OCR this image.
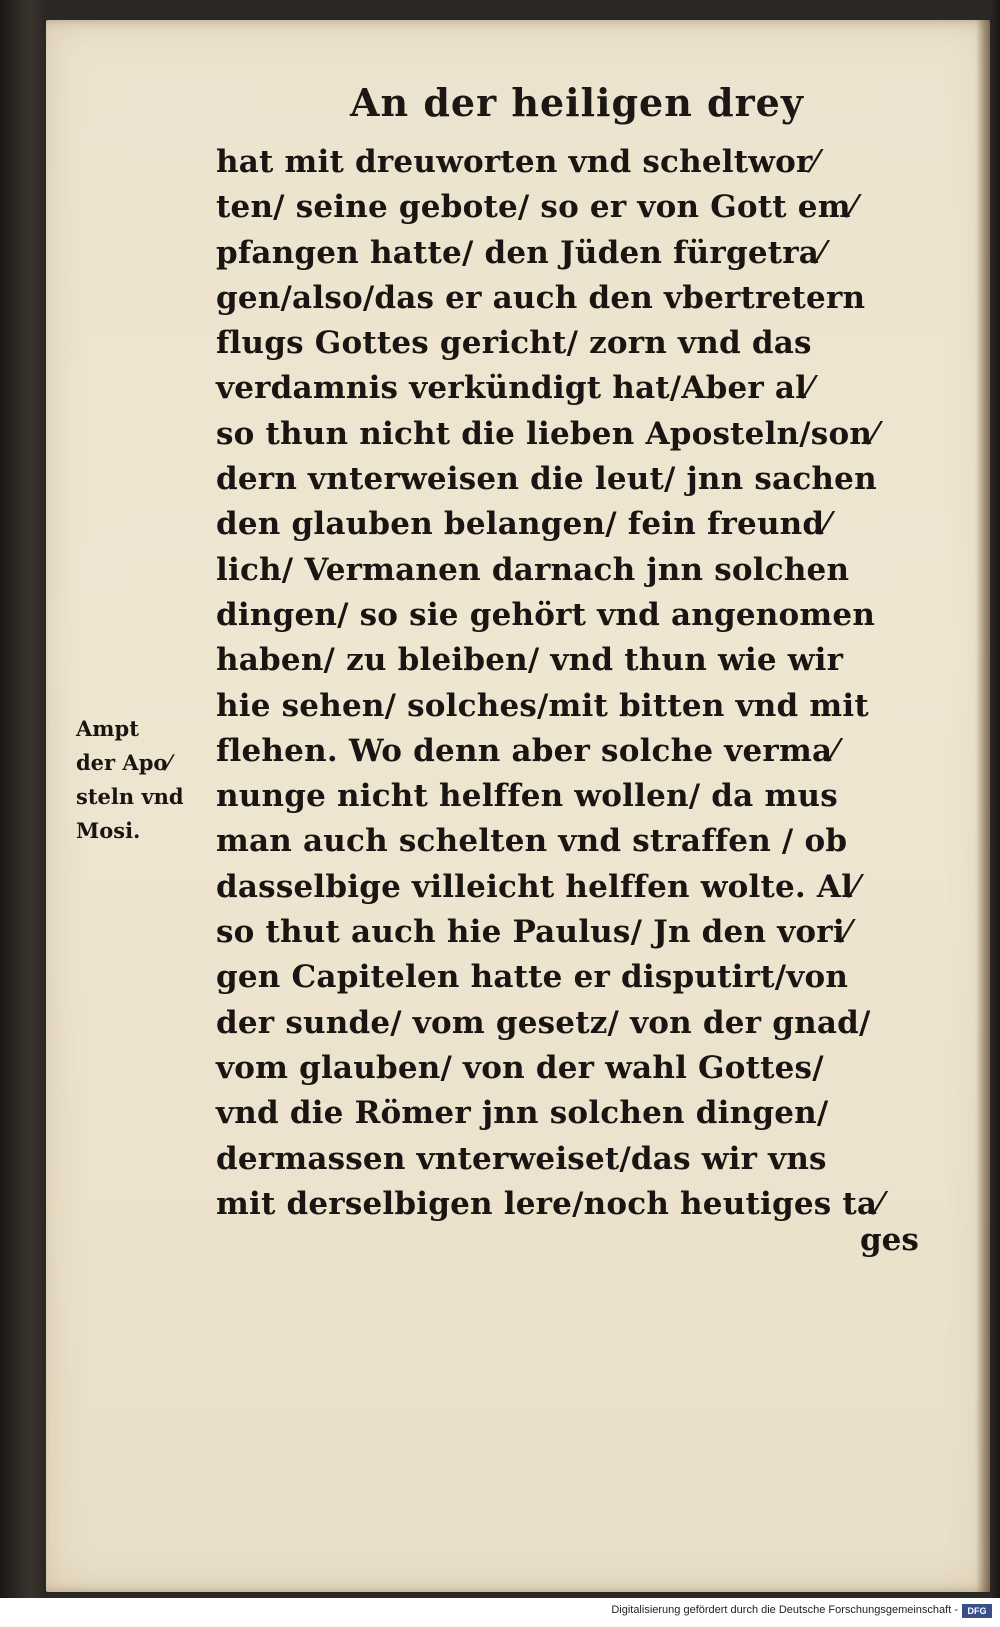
An der heiligen drey
hat mit dreuworten vnd scheltwor⁄
ten/ seine gebote/ so er von Gott em⁄
pfangen hatte/ den Jüden fürgetra⁄
gen/also/das er auch den vbertretern
flugs Gottes gericht/ zorn vnd das
verdamnis verkündigt hat/Aber al⁄
so thun nicht die lieben Aposteln/son⁄
dern vnterweisen die leut/ jnn sachen
den glauben belangen/ fein freund⁄
lich/ Vermanen darnach jnn solchen
dingen/ so sie gehört vnd angenomen
haben/ zu bleiben/ vnd thun wie wir
hie sehen/ solches/mit bitten vnd mit
flehen. Wo denn aber solche verma⁄
nunge nicht helffen wollen/ da mus
man auch schelten vnd straffen / ob
dasselbige villeicht helffen wolte. Al⁄
so thut auch hie Paulus/ Jn den vori⁄
gen Capitelen hatte er disputirt/von
der sunde/ vom gesetz/ von der gnad/
vom glauben/ von der wahl Gottes/
vnd die Römer jnn solchen dingen/
dermassen vnterweiset/das wir vns
mit derselbigen lere/noch heutiges ta⁄
ges
Ampt
der Apo⁄
steln vnd
Mosi.
Digitalisierung gefördert durch die Deutsche Forschungsgemeinschaft -	DFG
